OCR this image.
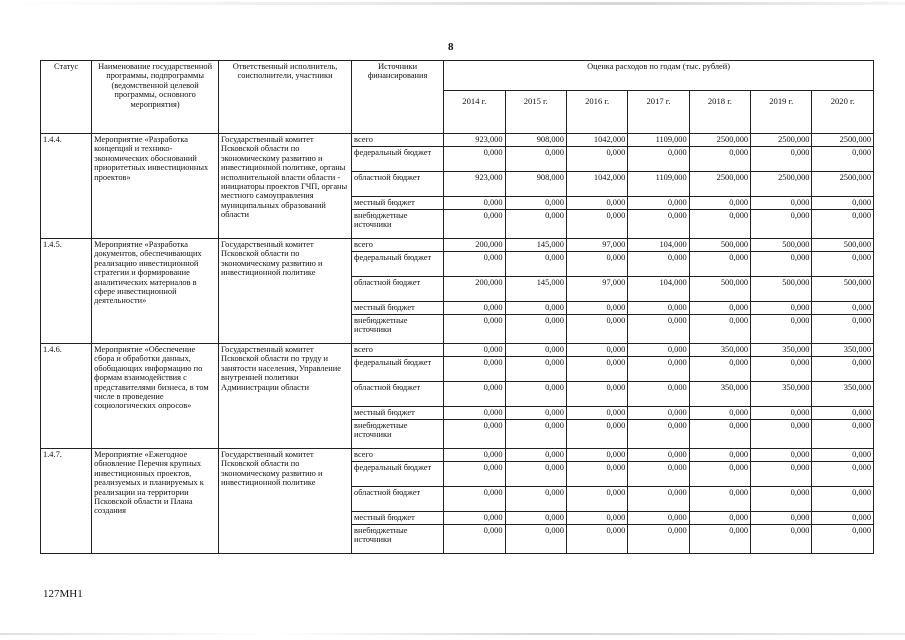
8
Статус	Наименование государственной программы, подпрограммы (ведомственной целевой программы, основного мероприятия)	Ответственный исполнитель, соисполнители, участники	Источники финансирования	Оценка расходов по годам (тыс. рублей)						
				2014 г.	2015 г.	2016 г.	2017 г.	2018 г.	2019 г.	2020 г.
1.4.4.	Мероприятие «Разработка концепций и технико-экономических обоснований приоритетных инвестиционных проектов»	Государственный комитет Псковской области по экономическому развитию и инвестиционной политике, органы исполнительной власти области - инициаторы проектов ГЧП, органы местного самоуправления муниципальных образований области	всего	923,000	908,000	1042,000	1109,000	2500,000	2500,000	2500,000
			федеральный бюджет	0,000	0,000	0,000	0,000	0,000	0,000	0,000
			областной бюджет	923,000	908,000	1042,000	1109,000	2500,000	2500,000	2500,000
			местный бюджет	0,000	0,000	0,000	0,000	0,000	0,000	0,000
			внебюджетные источники	0,000	0,000	0,000	0,000	0,000	0,000	0,000
1.4.5.	Мероприятие «Разработка документов, обеспечивающих реализацию инвестиционной стратегии и формирование аналитических материалов в сфере инвестиционной деятельности»	Государственный комитет Псковской области по экономическому развитию и инвестиционной политике	всего	200,000	145,000	97,000	104,000	500,000	500,000	500,000
			федеральный бюджет	0,000	0,000	0,000	0,000	0,000	0,000	0,000
			областной бюджет	200,000	145,000	97,000	104,000	500,000	500,000	500,000
			местный бюджет	0,000	0,000	0,000	0,000	0,000	0,000	0,000
			внебюджетные источники	0,000	0,000	0,000	0,000	0,000	0,000	0,000
1.4.6.	Мероприятие «Обеспечение сбора и обработки данных, обобщающих информацию по формам взаимодействия с представителями бизнеса, в том числе в проведение социологических опросов»	Государственный комитет Псковской области по труду и занятости населения, Управление внутренней политики Администрации области	всего	0,000	0,000	0,000	0,000	350,000	350,000	350,000
			федеральный бюджет	0,000	0,000	0,000	0,000	0,000	0,000	0,000
			областной бюджет	0,000	0,000	0,000	0,000	350,000	350,000	350,000
			местный бюджет	0,000	0,000	0,000	0,000	0,000	0,000	0,000
			внебюджетные источники	0,000	0,000	0,000	0,000	0,000	0,000	0,000
1.4.7.	Мероприятие «Ежегодное обновление Перечня крупных инвестиционных проектов, реализуемых и планируемых к реализации на территории Псковской области и Плана создания	Государственный комитет Псковской области по экономическому развитию и инвестиционной политике	всего	0,000	0,000	0,000	0,000	0,000	0,000	0,000
			федеральный бюджет	0,000	0,000	0,000	0,000	0,000	0,000	0,000
			областной бюджет	0,000	0,000	0,000	0,000	0,000	0,000	0,000
			местный бюджет	0,000	0,000	0,000	0,000	0,000	0,000	0,000
			внебюджетные источники	0,000	0,000	0,000	0,000	0,000	0,000	0,000
127МН1
